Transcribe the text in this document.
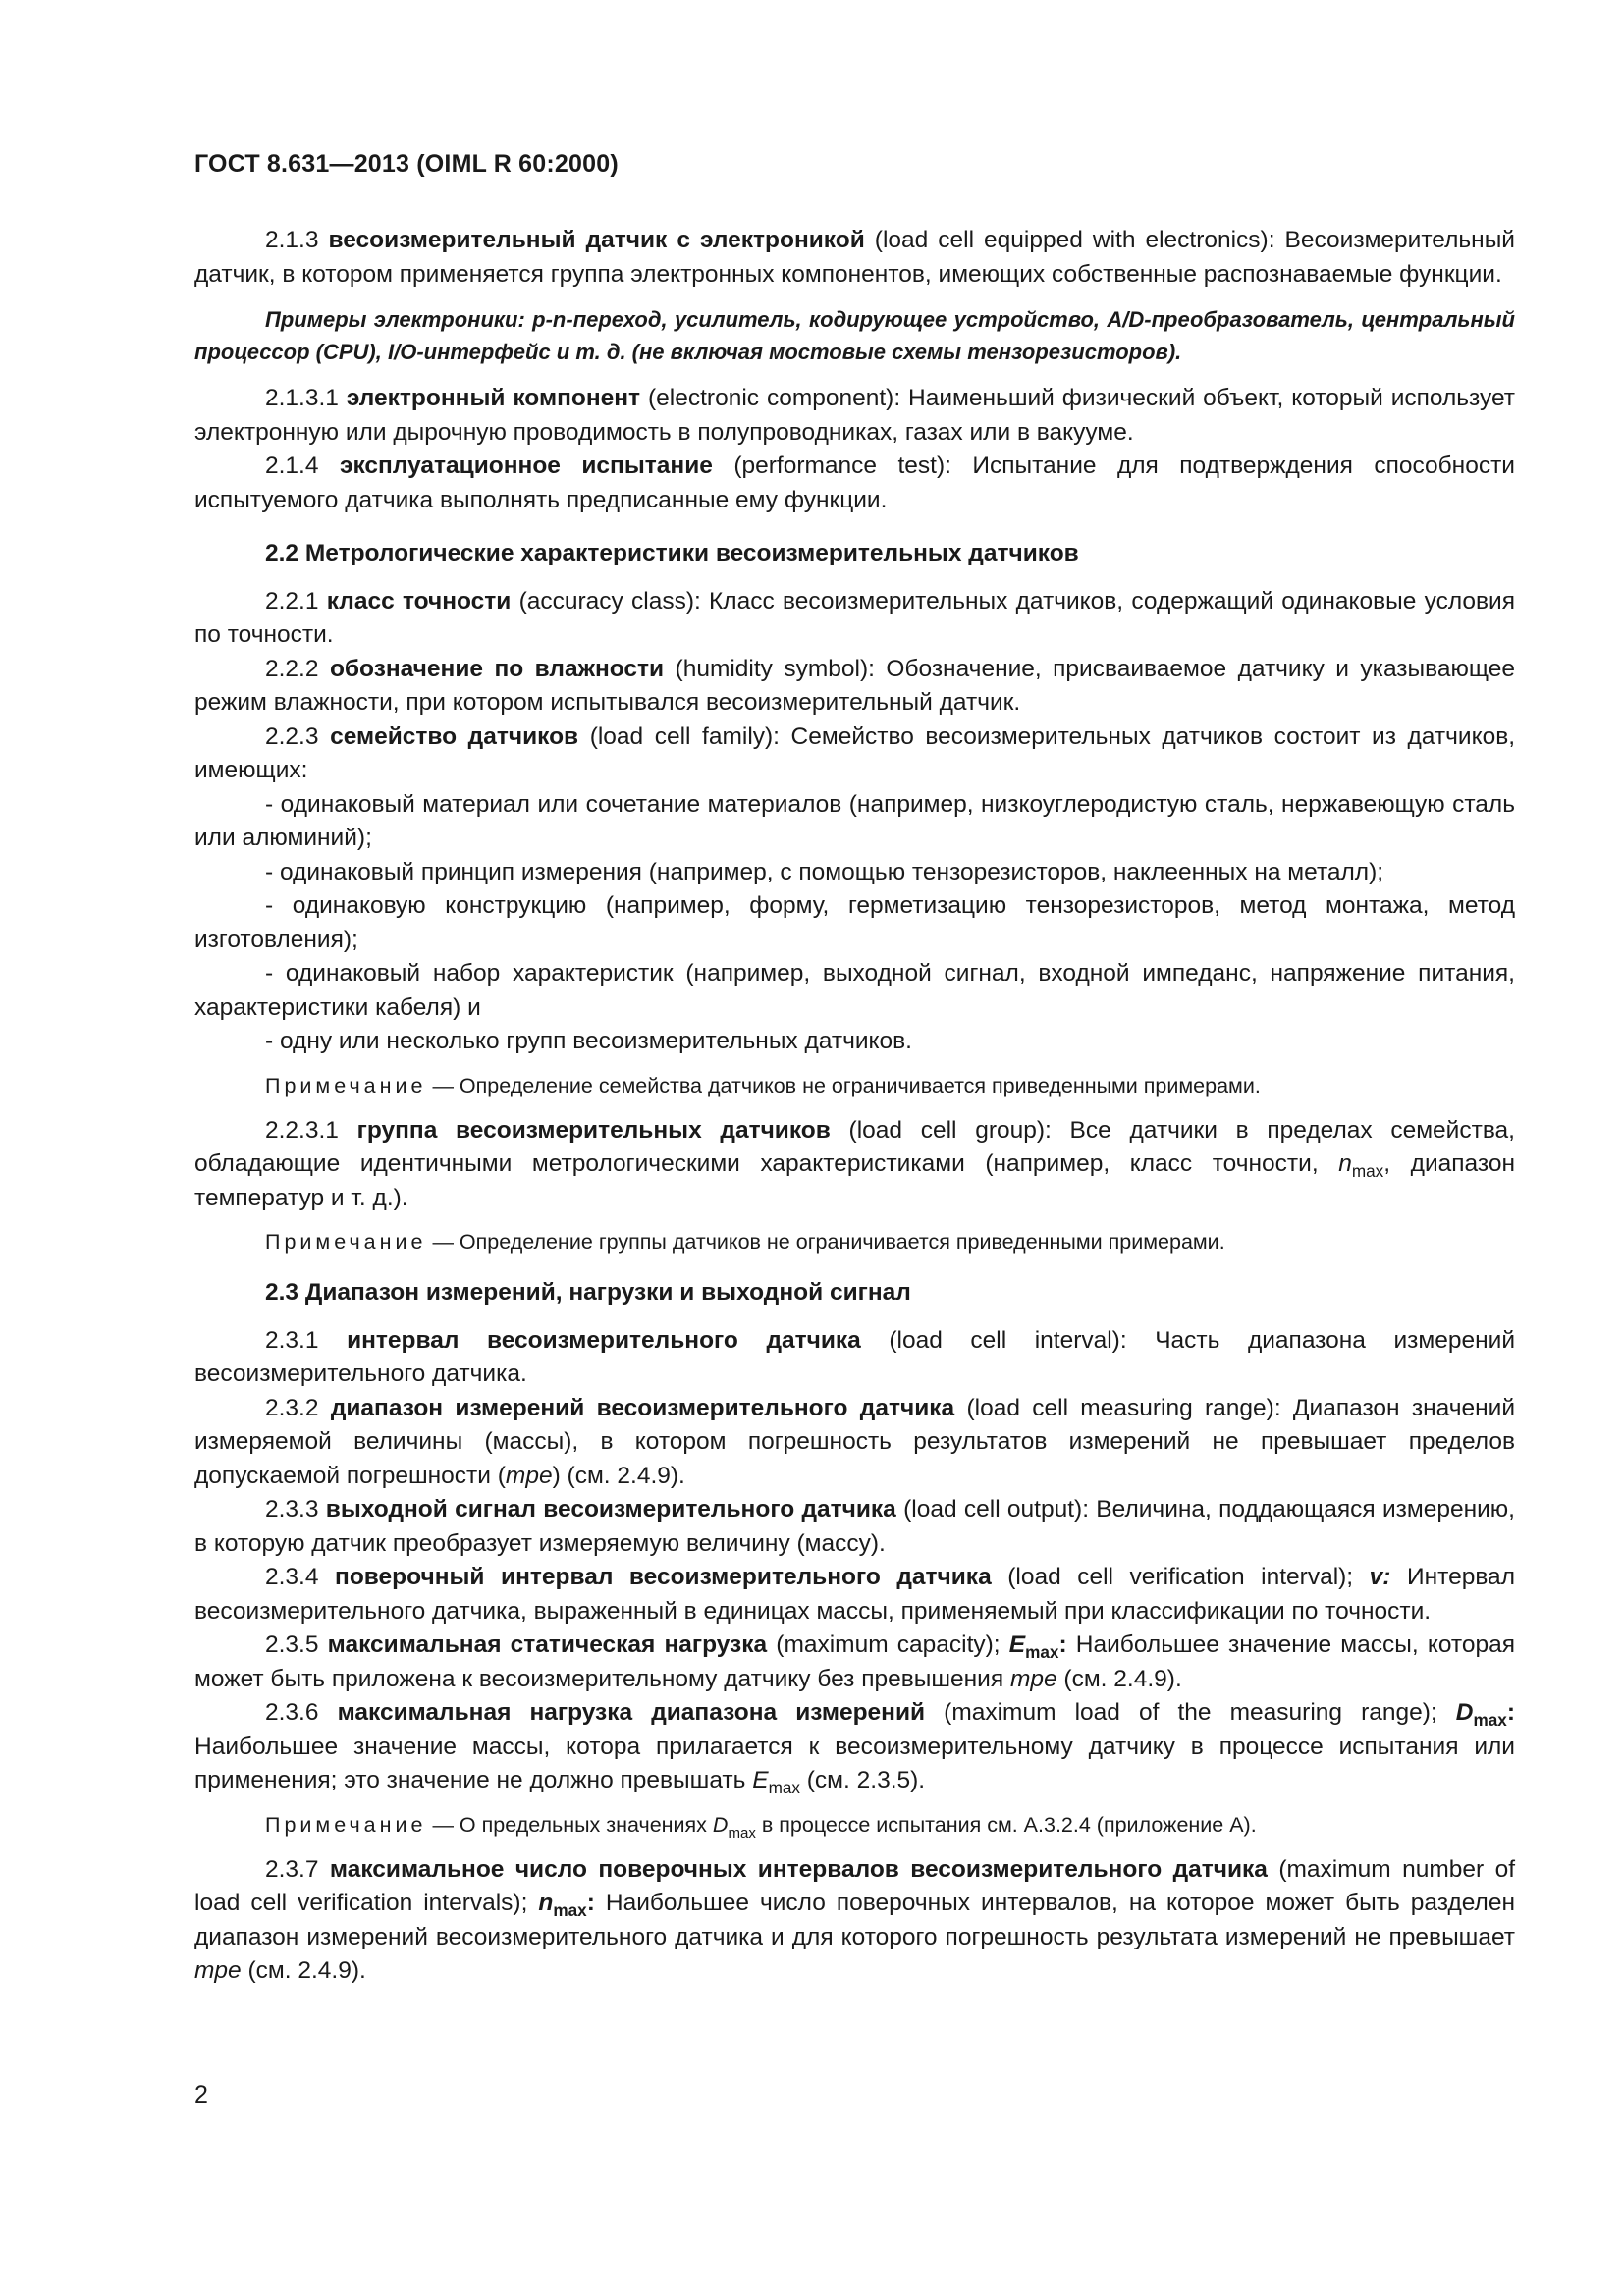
ГОСТ 8.631—2013 (OIML R 60:2000)

2.1.3 весоизмерительный датчик с электроникой (load cell equipped with electronics): Весоизмерительный датчик, в котором применяется группа электронных компонентов, имеющих собственные распознаваемые функции.

Примеры электроники: p-n-переход, усилитель, кодирующее устройство, A/D-преобразователь, центральный процессор (CPU), I/O-интерфейс и т. д. (не включая мостовые схемы тензорезисторов).

2.1.3.1 электронный компонент (electronic component): Наименьший физический объект, который использует электронную или дырочную проводимость в полупроводниках, газах или в вакууме.

2.1.4 эксплуатационное испытание (performance test): Испытание для подтверждения способности испытуемого датчика выполнять предписанные ему функции.

2.2 Метрологические характеристики весоизмерительных датчиков

2.2.1 класс точности (accuracy class): Класс весоизмерительных датчиков, содержащий одинаковые условия по точности.

2.2.2 обозначение по влажности (humidity symbol): Обозначение, присваиваемое датчику и указывающее режим влажности, при котором испытывался весоизмерительный датчик.

2.2.3 семейство датчиков (load cell family): Семейство весоизмерительных датчиков состоит из датчиков, имеющих:

- одинаковый материал или сочетание материалов (например, низкоуглеродистую сталь, нержавеющую сталь или алюминий);

- одинаковый принцип измерения (например, с помощью тензорезисторов, наклеенных на металл);

- одинаковую конструкцию (например, форму, герметизацию тензорезисторов, метод монтажа, метод изготовления);

- одинаковый набор характеристик (например, выходной сигнал, входной импеданс, напряжение питания, характеристики кабеля) и

- одну или несколько групп весоизмерительных датчиков.

Примечание — Определение семейства датчиков не ограничивается приведенными примерами.

2.2.3.1 группа весоизмерительных датчиков (load cell group): Все датчики в пределах семейства, обладающие идентичными метрологическими характеристиками (например, класс точности, $n_{max}$, диапазон температур и т. д.).

Примечание — Определение группы датчиков не ограничивается приведенными примерами.

2.3 Диапазон измерений, нагрузки и выходной сигнал

2.3.1 интервал весоизмерительного датчика (load cell interval): Часть диапазона измерений весоизмерительного датчика.

2.3.2 диапазон измерений весоизмерительного датчика (load cell measuring range): Диапазон значений измеряемой величины (массы), в котором погрешность результатов измерений не превышает пределов допускаемой погрешности (mpe) (см. 2.4.9).

2.3.3 выходной сигнал весоизмерительного датчика (load cell output): Величина, поддающаяся измерению, в которую датчик преобразует измеряемую величину (массу).

2.3.4 поверочный интервал весоизмерительного датчика (load cell verification interval); v: Интервал весоизмерительного датчика, выраженный в единицах массы, применяемый при классификации по точности.

2.3.5 максимальная статическая нагрузка (maximum capacity); $E_{max}$: Наибольшее значение массы, которая может быть приложена к весоизмерительному датчику без превышения mpe (см. 2.4.9).

2.3.6 максимальная нагрузка диапазона измерений (maximum load of the measuring range); $D_{max}$: Наибольшее значение массы, котора прилагается к весоизмерительному датчику в процессе испытания или применения; это значение не должно превышать $E_{max}$ (см. 2.3.5).

Примечание — О предельных значениях $D_{max}$ в процессе испытания см. А.3.2.4 (приложение А).

2.3.7 максимальное число поверочных интервалов весоизмерительного датчика (maximum number of load cell verification intervals); $n_{max}$: Наибольшее число поверочных интервалов, на которое может быть разделен диапазон измерений весоизмерительного датчика и для которого погрешность результата измерений не превышает mpe (см. 2.4.9).

2
